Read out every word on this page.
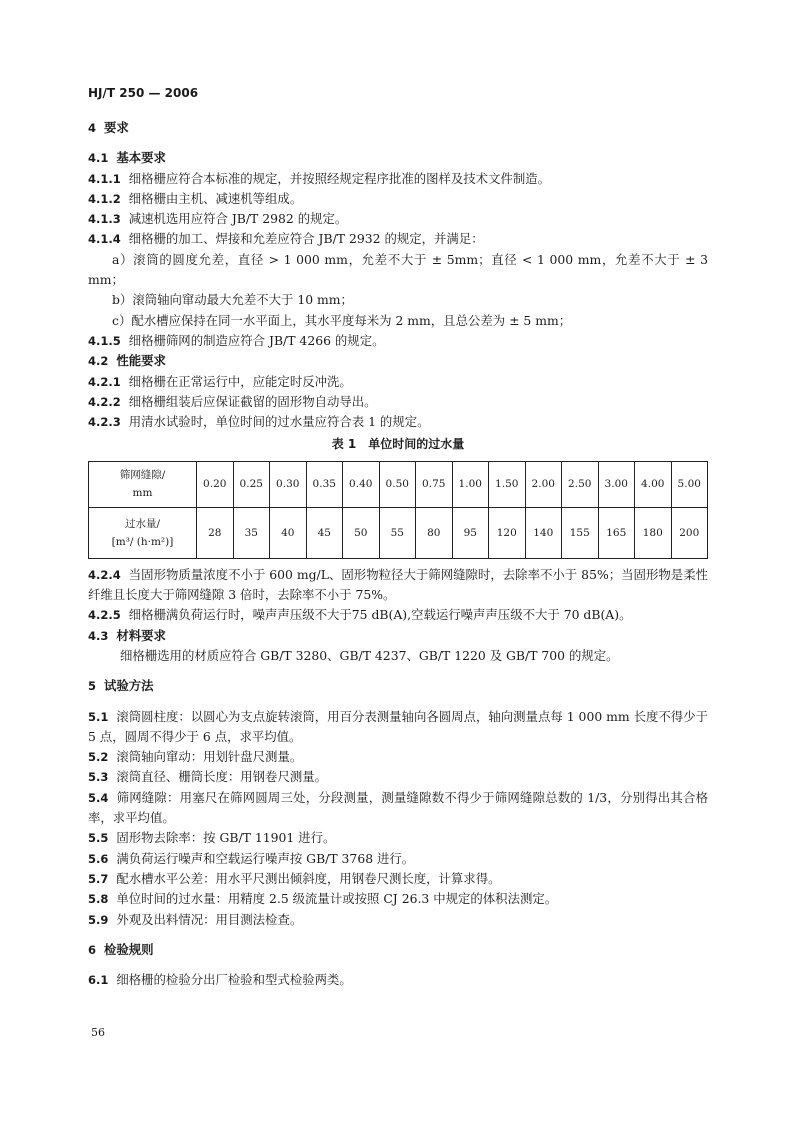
HJ/T 250 — 2006
4 要求
4.1 基本要求
4.1.1 细格栅应符合本标准的规定，并按照经规定程序批准的图样及技术文件制造。
4.1.2 细格栅由主机、减速机等组成。
4.1.3 减速机选用应符合 JB/T 2982 的规定。
4.1.4 细格栅的加工、焊接和允差应符合 JB/T 2932 的规定，并满足：
a）滚筒的圆度允差，直径 > 1 000 mm，允差不大于 ± 5mm；直径 < 1 000 mm，允差不大于 ± 3 mm；
b）滚筒轴向窜动最大允差不大于 10 mm；
c）配水槽应保持在同一水平面上，其水平度每米为 2 mm，且总公差为 ± 5 mm；
4.1.5 细格栅筛网的制造应符合 JB/T 4266 的规定。
4.2 性能要求
4.2.1 细格栅在正常运行中，应能定时反冲洗。
4.2.2 细格栅组装后应保证截留的固形物自动导出。
4.2.3 用清水试验时，单位时间的过水量应符合表 1 的规定。
表 1　单位时间的过水量
筛网缝隙/
mm	0.20	0.25	0.30	0.35	0.40	0.50	0.75	1.00	1.50	2.00	2.50	3.00	4.00	5.00

过水量/
[m³/ (h·m²)]	28	35	40	45	50	55	80	95	120	140	155	165	180	200
4.2.4 当固形物质量浓度不小于 600 mg/L、固形物粒径大于筛网缝隙时，去除率不小于 85%；当固形物是柔性纤维且长度大于筛网缝隙 3 倍时，去除率不小于 75%。
4.2.5 细格栅满负荷运行时，噪声声压级不大于75 dB(A),空载运行噪声声压级不大于 70 dB(A)。
4.3 材料要求
细格栅选用的材质应符合 GB/T 3280、GB/T 4237、GB/T 1220 及 GB/T 700 的规定。
5 试验方法
5.1 滚筒圆柱度：以圆心为支点旋转滚筒，用百分表测量轴向各圆周点，轴向测量点每 1 000 mm 长度不得少于 5 点，圆周不得少于 6 点，求平均值。
5.2 滚筒轴向窜动：用划针盘尺测量。
5.3 滚筒直径、栅筒长度：用钢卷尺测量。
5.4 筛网缝隙：用塞尺在筛网圆周三处，分段测量，测量缝隙数不得少于筛网缝隙总数的 1/3，分别得出其合格率，求平均值。
5.5 固形物去除率：按 GB/T 11901 进行。
5.6 满负荷运行噪声和空载运行噪声按 GB/T 3768 进行。
5.7 配水槽水平公差：用水平尺测出倾斜度，用钢卷尺测长度，计算求得。
5.8 单位时间的过水量：用精度 2.5 级流量计或按照 CJ 26.3 中规定的体积法测定。
5.9 外观及出料情况：用目测法检查。
6 检验规则
6.1 细格栅的检验分出厂检验和型式检验两类。
56
